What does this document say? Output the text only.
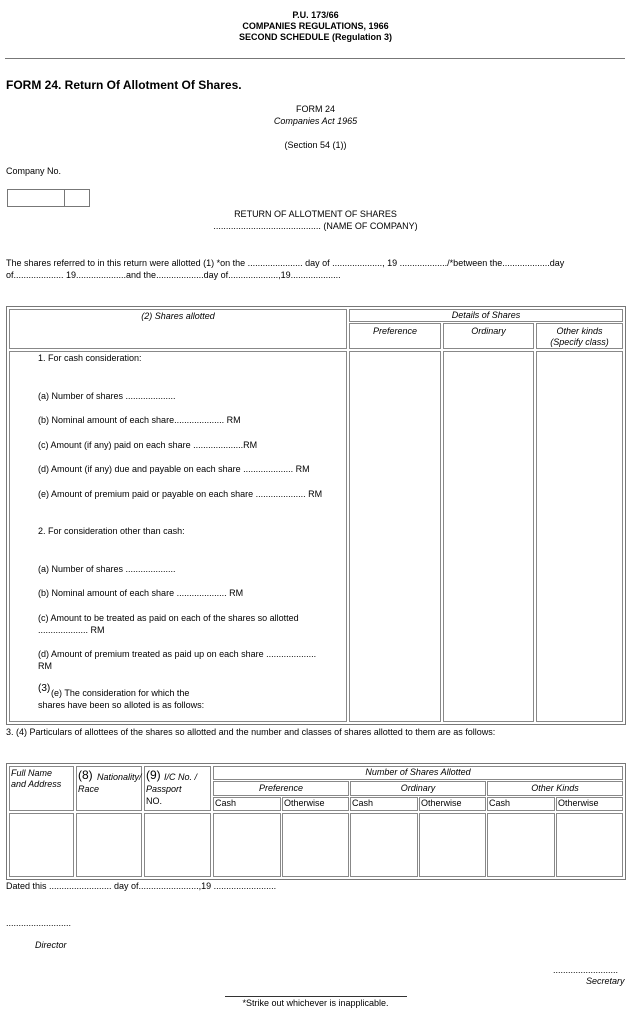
P.U. 173/66
COMPANIES REGULATIONS, 1966
SECOND SCHEDULE (Regulation 3)
FORM 24. Return Of Allotment Of Shares.
FORM 24
Companies Act 1965
(Section 54 (1))
Company No.
RETURN OF ALLOTMENT OF SHARES
........................................... (NAME OF COMPANY)
The shares referred to in this return were allotted (1) *on the ...................... day of ...................., 19 .................../*between the...................day
of.................... 19....................and the...................day of....................,19....................
(2) Shares allotted	Details of Shares
Preference	Ordinary	Other kinds
(Specify class)
1. For cash consideration:
(a) Number of shares ....................
(b) Nominal amount of each share.................... RM
(c) Amount (if any) paid on each share ....................RM
(d) Amount (if any) due and payable on each share .................... RM
(e) Amount of premium paid or payable on each share .................... RM
2. For consideration other than cash:
(a) Number of shares ....................
(b) Nominal amount of each share .................... RM
(c) Amount to be treated as paid on each of the shares so allotted
.................... RM
(d) Amount of premium treated as paid up on each share ....................
RM
(3) (e) The consideration for which the
shares have been so alloted is as follows:
3. (4) Particulars of allottees of the shares so allotted and the number and classes of shares allotted to them are as follows:
Full Name
and Address
(8) Nationality/
Race
(9) I/C No. /
Passport
NO.
Number of Shares Allotted
Preference	Ordinary	Other Kinds
Cash	Otherwise	Cash	Otherwise	Cash	Otherwise
Dated this ......................... day of........................,19 .........................
..........................
Director
..........................
Secretary
*Strike out whichever is inapplicable.
